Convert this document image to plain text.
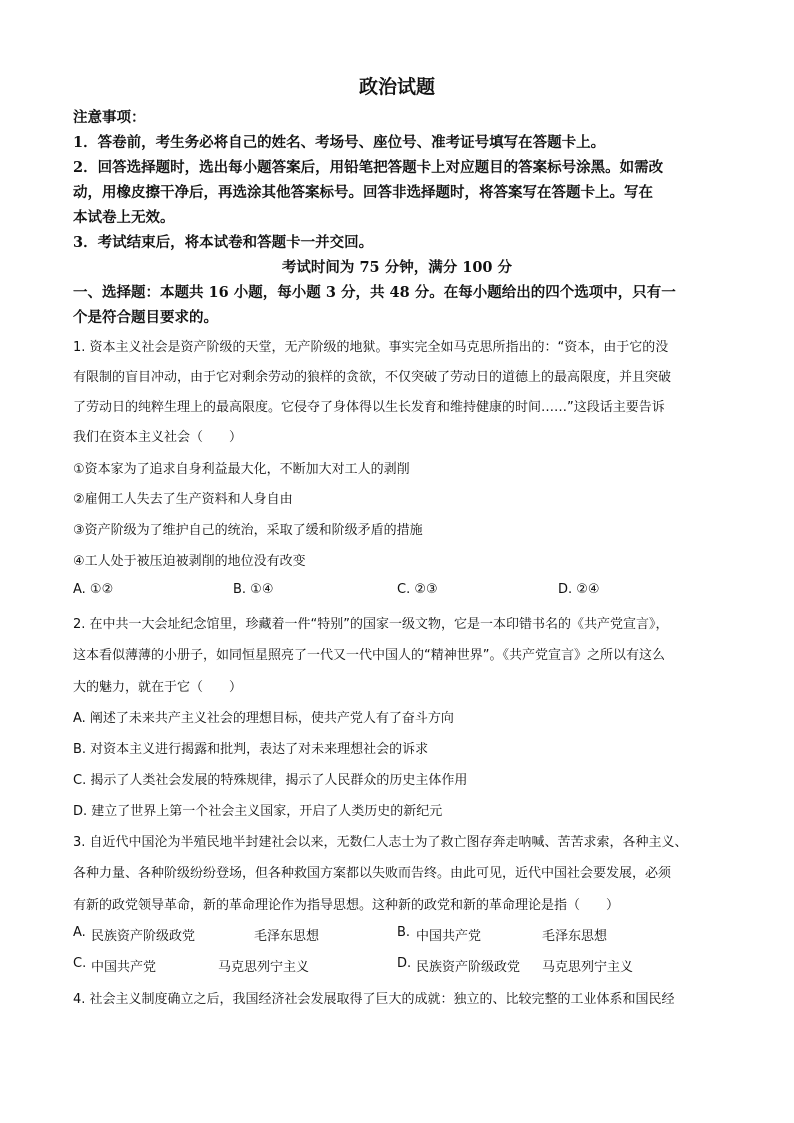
政治试题
注意事项：
1．答卷前，考生务必将自己的姓名、考场号、座位号、准考证号填写在答题卡上。
2．回答选择题时，选出每小题答案后，用铅笔把答题卡上对应题目的答案标号涂黑。如需改
动，用橡皮擦干净后，再选涂其他答案标号。回答非选择题时，将答案写在答题卡上。写在
本试卷上无效。
3．考试结束后，将本试卷和答题卡一并交回。
考试时间为 75 分钟，满分 100 分
一、选择题：本题共 16 小题，每小题 3 分，共 48 分。在每小题给出的四个选项中，只有一
个是符合题目要求的。
1. 资本主义社会是资产阶级的天堂，无产阶级的地狱。事实完全如马克思所指出的：“资本，由于它的没
有限制的盲目冲动，由于它对剩余劳动的狼样的贪欲，不仅突破了劳动日的道德上的最高限度，并且突破
了劳动日的纯粹生理上的最高限度。它侵夺了身体得以生长发育和维持健康的时间……”这段话主要告诉
我们在资本主义社会（　　）
①资本家为了追求自身利益最大化，不断加大对工人的剥削
②雇佣工人失去了生产资料和人身自由
③资产阶级为了维护自己的统治，采取了缓和阶级矛盾的措施
④工人处于被压迫被剥削的地位没有改变
A. ①②	B. ①④	C. ②③	D. ②④
2. 在中共一大会址纪念馆里，珍藏着一件“特别”的国家一级文物，它是一本印错书名的《共产党宣言》，
这本看似薄薄的小册子，如同恒星照亮了一代又一代中国人的“精神世界”。《共产党宣言》之所以有这么
大的魅力，就在于它（　　）
A. 阐述了未来共产主义社会的理想目标，使共产党人有了奋斗方向
B. 对资本主义进行揭露和批判，表达了对未来理想社会的诉求
C. 揭示了人类社会发展的特殊规律，揭示了人民群众的历史主体作用
D. 建立了世界上第一个社会主义国家，开启了人类历史的新纪元
3. 自近代中国沦为半殖民地半封建社会以来，无数仁人志士为了救亡图存奔走呐喊、苦苦求索，各种主义、
各种力量、各种阶级纷纷登场，但各种救国方案都以失败而告终。由此可见，近代中国社会要发展，必须
有新的政党领导革命，新的革命理论作为指导思想。这种新的政党和新的革命理论是指（　　）
A. 民族资产阶级政党	毛泽东思想	B. 中国共产党	毛泽东思想
C. 中国共产党	马克思列宁主义	D. 民族资产阶级政党 马克思列宁主义
4. 社会主义制度确立之后，我国经济社会发展取得了巨大的成就：独立的、比较完整的工业体系和国民经
